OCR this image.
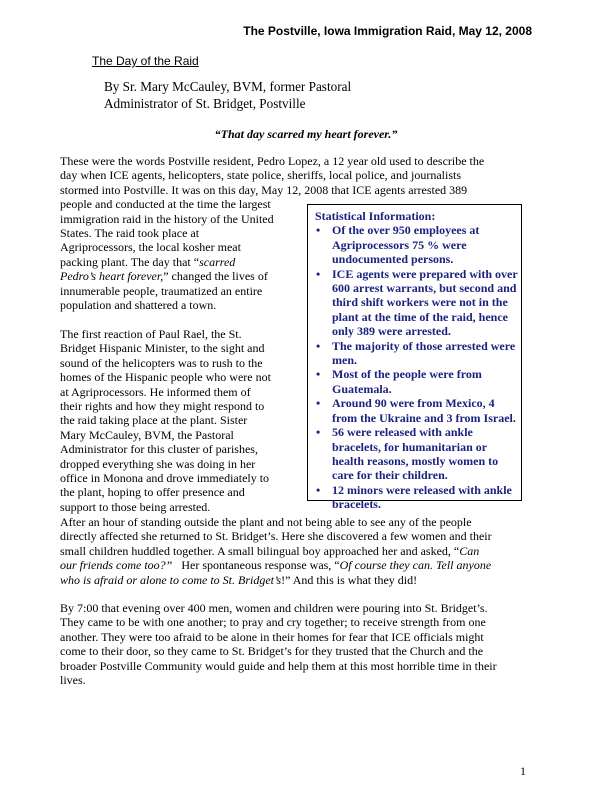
The Postville, Iowa Immigration Raid, May 12, 2008
The Day of the Raid
By Sr. Mary McCauley, BVM, former Pastoral
Administrator of St. Bridget, Postville
“That day scarred my heart forever.”
These were the words Postville resident, Pedro Lopez, a 12 year old used to describe the
day when ICE agents, helicopters, state police, sheriffs, local police, and journalists
stormed into Postville. It was on this day, May 12, 2008 that ICE agents arrested 389
people and conducted at the time the largest
immigration raid in the history of the United
States. The raid took place at
Agriprocessors, the local kosher meat
packing plant. The day that “scarred
Pedro’s heart forever,” changed the lives of
innumerable people, traumatized an entire
population and shattered a town.
The first reaction of Paul Rael, the St.
Bridget Hispanic Minister, to the sight and
sound of the helicopters was to rush to the
homes of the Hispanic people who were not
at Agriprocessors. He informed them of
their rights and how they might respond to
the raid taking place at the plant. Sister
Mary McCauley, BVM, the Pastoral
Administrator for this cluster of parishes,
dropped everything she was doing in her
office in Monona and drove immediately to
the plant, hoping to offer presence and
support to those being arrested.
Statistical Information:
• Of the over 950 employees at
Agriprocessors 75 % were
undocumented persons.
• ICE agents were prepared with over
600 arrest warrants, but second and
third shift workers were not in the
plant at the time of the raid, hence
only 389 were arrested.
• The majority of those arrested were
men.
• Most of the people were from
Guatemala.
• Around 90 were from Mexico, 4
from the Ukraine and 3 from Israel.
• 56 were released with ankle
bracelets, for humanitarian or
health reasons, mostly women to
care for their children.
• 12 minors were released with ankle
bracelets.
After an hour of standing outside the plant and not being able to see any of the people
directly affected she returned to St. Bridget’s. Here she discovered a few women and their
small children huddled together. A small bilingual boy approached her and asked, “Can
our friends come too?”   Her spontaneous response was, “Of course they can. Tell anyone
who is afraid or alone to come to St. Bridget’s!” And this is what they did!
By 7:00 that evening over 400 men, women and children were pouring into St. Bridget’s.
They came to be with one another; to pray and cry together; to receive strength from one
another. They were too afraid to be alone in their homes for fear that ICE officials might
come to their door, so they came to St. Bridget’s for they trusted that the Church and the
broader Postville Community would guide and help them at this most horrible time in their
lives.
1
